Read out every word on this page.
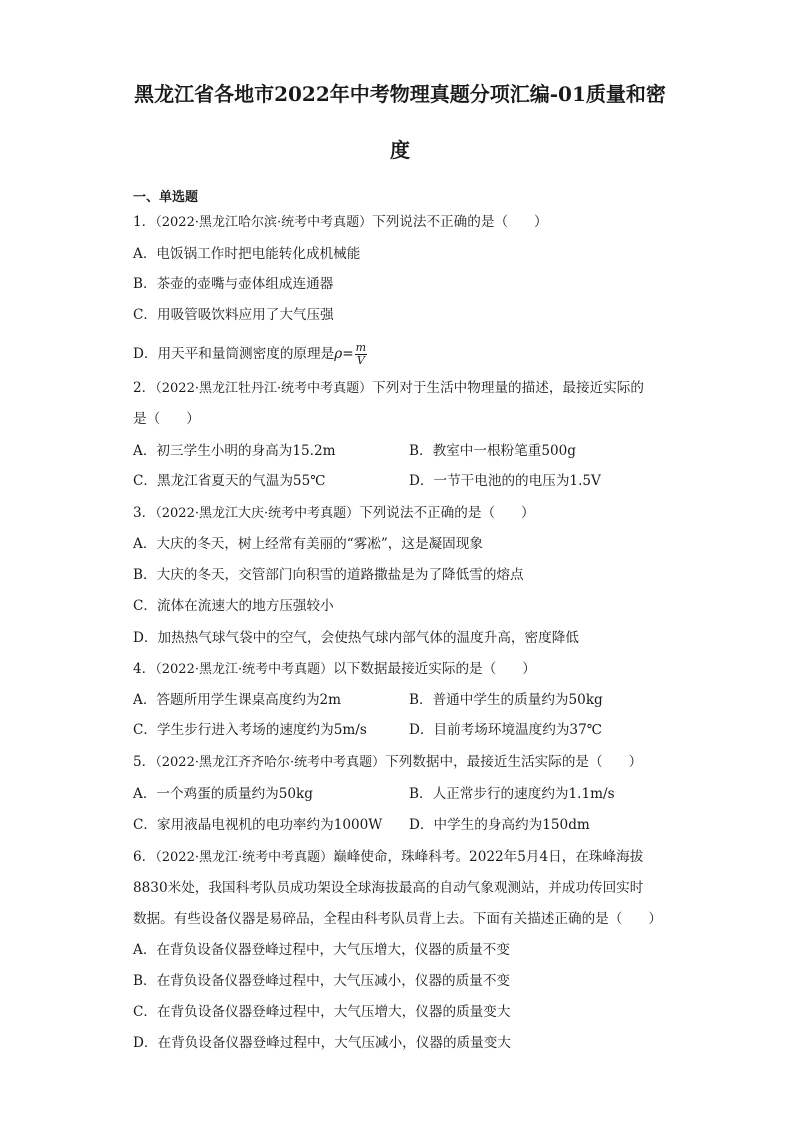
黑龙江省各地市2022年中考物理真题分项汇编-01质量和密
度
一、单选题
1．（2022·黑龙江哈尔滨·统考中考真题）下列说法不正确的是（ ）
A．电饭锅工作时把电能转化成机械能
B．茶壶的壶嘴与壶体组成连通器
C．用吸管吸饮料应用了大气压强
D．用天平和量筒测密度的原理是$\rho= \frac{m}{V}$
2．（2022·黑龙江牡丹江·统考中考真题）下列对于生活中物理量的描述，最接近实际的
是（ ）
A．初三学生小明的身高为15.2m	B．教室中一根粉笔重500g
C．黑龙江省夏天的气温为55℃	D．一节干电池的的电压为1.5V
3．（2022·黑龙江大庆·统考中考真题）下列说法不正确的是（ ）
A．大庆的冬天，树上经常有美丽的“雾凇”，这是凝固现象
B．大庆的冬天，交管部门向积雪的道路撒盐是为了降低雪的熔点
C．流体在流速大的地方压强较小
D．加热热气球气袋中的空气，会使热气球内部气体的温度升高，密度降低
4．（2022·黑龙江·统考中考真题）以下数据最接近实际的是（ ）
A．答题所用学生课桌高度约为2m	B．普通中学生的质量约为50kg
C．学生步行进入考场的速度约为5m/s	D．目前考场环境温度约为37℃
5．（2022·黑龙江齐齐哈尔·统考中考真题）下列数据中，最接近生活实际的是（ ）
A．一个鸡蛋的质量约为50kg	B．人正常步行的速度约为1.1m/s
C．家用液晶电视机的电功率约为1000W D．中学生的身高约为150dm
6．（2022·黑龙江·统考中考真题）巅峰使命，珠峰科考。2022年5月4日，在珠峰海拔
8830米处，我国科考队员成功架设全球海拔最高的自动气象观测站，并成功传回实时
数据。有些设备仪器是易碎品，全程由科考队员背上去。下面有关描述正确的是（ ）
A．在背负设备仪器登峰过程中，大气压增大，仪器的质量不变
B．在背负设备仪器登峰过程中，大气压减小，仪器的质量不变
C．在背负设备仪器登峰过程中，大气压增大，仪器的质量变大
D．在背负设备仪器登峰过程中，大气压减小，仪器的质量变大
